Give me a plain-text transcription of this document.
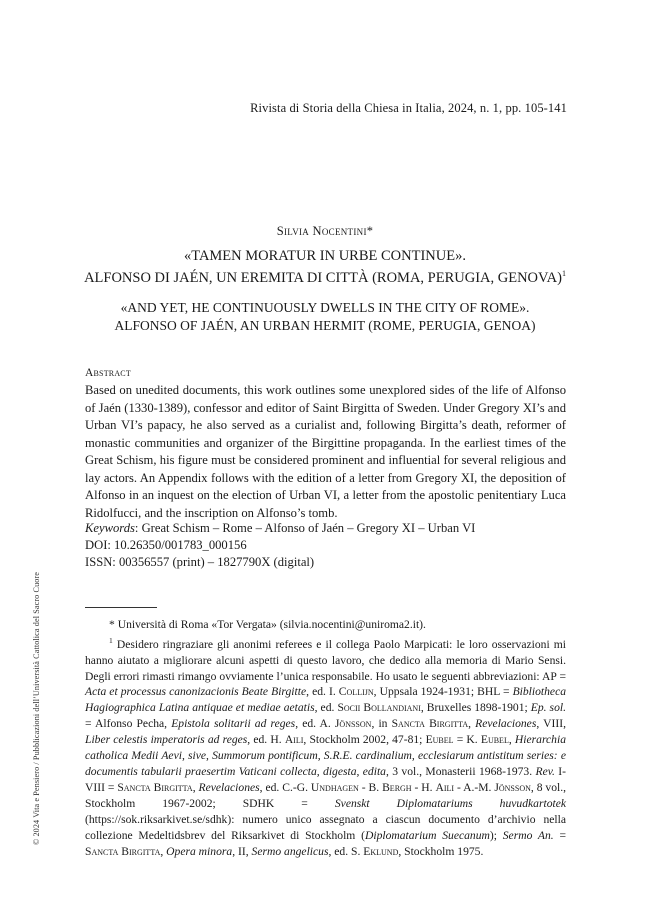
Rivista di Storia della Chiesa in Italia, 2024, n. 1, pp. 105-141
Silvia Nocentini*
«TAMEN MORATUR IN URBE CONTINUE».
ALFONSO DI JAÉN, UN EREMITA DI CITTÀ (ROMA, PERUGIA, GENOVA)$^1$
«AND YET, HE CONTINUOUSLY DWELLS IN THE CITY OF ROME».
ALFONSO OF JAÉN, AN URBAN HERMIT (ROME, PERUGIA, GENOA)
Abstract
Based on unedited documents, this work outlines some unexplored sides of the life of Alfonso of Jaén (1330-1389), confessor and editor of Saint Birgitta of Sweden. Under Gregory XI’s and Urban VI’s papacy, he also served as a curialist and, following Birgitta’s death, reformer of monastic communities and organizer of the Birgittine propaganda. In the earliest times of the Great Schism, his figure must be considered prominent and influential for several religious and lay actors. An Appendix follows with the edition of a letter from Gregory XI, the deposition of Alfonso in an inquest on the election of Urban VI, a letter from the apostolic penitentiary Luca Ridolfucci, and the inscription on Alfonso’s tomb.
Keywords: Great Schism – Rome – Alfonso of Jaén – Gregory XI – Urban VI
DOI: 10.26350/001783_000156
ISSN: 00356557 (print) – 1827790X (digital)

* Università di Roma «Tor Vergata» (silvia.nocentini@uniroma2.it).

$^1$ Desidero ringraziare gli anonimi referees e il collega Paolo Marpicati: le loro osservazioni mi hanno aiutato a migliorare alcuni aspetti di questo lavoro, che dedico alla memoria di Mario Sensi. Degli errori rimasti rimango ovviamente l’unica responsabile. Ho usato le seguenti abbreviazioni: AP = Acta et processus canonizacionis Beate Birgitte, ed. I. Collijn, Uppsala 1924-1931; BHL = Bibliotheca Hagiographica Latina antiquae et mediae aetatis, ed. Socii Bollandiani, Bruxelles 1898-1901; Ep. sol. = Alfonso Pecha, Epistola solitarii ad reges, ed. A. Jönsson, in Sancta Birgitta, Revelaciones, VIII, Liber celestis imperatoris ad reges, ed. H. Aili, Stockholm 2002, 47-81; Eubel = K. Eubel, Hierarchia catholica Medii Aevi, sive, Summorum pontificum, S.R.E. cardinalium, ecclesiarum antistitum series: e documentis tabularii praesertim Vaticani collecta, digesta, edita, 3 vol., Monasterii 1968-1973. Rev. I-VIII = Sancta Birgitta, Revelaciones, ed. C.-G. Undhagen - B. Bergh - H. Aili - A.-M. Jönsson, 8 vol., Stockholm 1967-2002; SDHK = Svenskt Diplomatariums huvudkartotek (https://sok.riksarkivet.se/sdhk): numero unico assegnato a ciascun documento d’archivio nella collezione Medeltidsbrev del Riksarkivet di Stockholm (Diplomatarium Suecanum); Sermo An. = Sancta Birgitta, Opera minora, II, Sermo angelicus, ed. S. Eklund, Stockholm 1975.

© 2024 Vita e Pensiero / Pubblicazioni dell’Università Cattolica del Sacro Cuore
